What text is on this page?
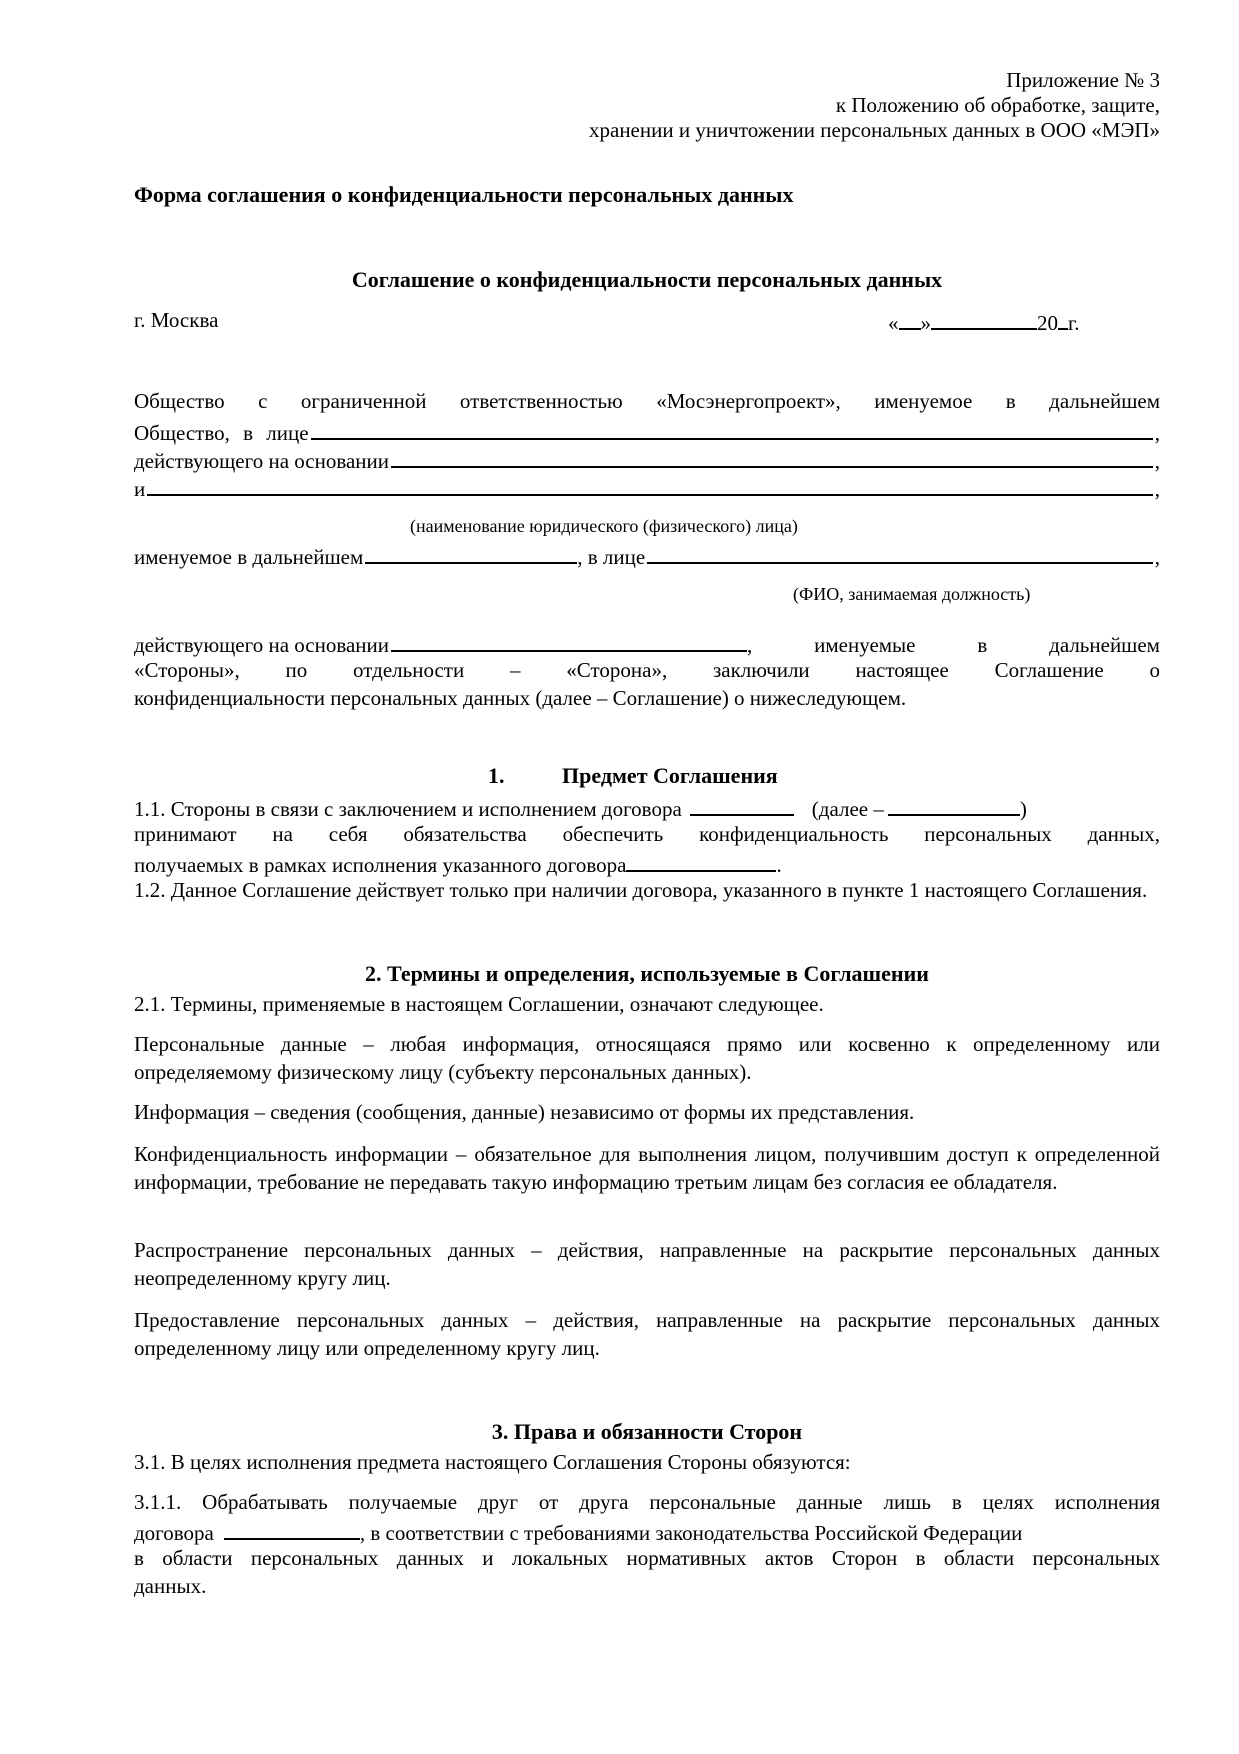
Приложение № 3
к Положению об обработке, защите,
хранении и уничтожении персональных данных в ООО «МЭП»
Форма соглашения о конфиденциальности персональных данных
Соглашение о конфиденциальности персональных данных
г. Москва	« »	20 г.
Общество с ограниченной ответственностью «Мосэнергопроект», именуемое в дальнейшем
Общество, в лице	,
действующего на основании	,
и	,
(наименование юридического (физического) лица)
именуемое в дальнейшем	, в лице	,
(ФИО, занимаемая должность)
действующего на основании	,	именуемые	в	дальнейшем
«Стороны», по отдельности – «Сторона», заключили настоящее Соглашение о
конфиденциальности персональных данных (далее – Соглашение) о нижеследующем.
1.	Предмет Соглашения
1.1. Стороны в связи с заключением и исполнением договора	(далее –	)
принимают на себя обязательства обеспечить конфиденциальность персональных данных,
получаемых в рамках исполнения указанного договора	.
1.2. Данное Соглашение действует только при наличии договора, указанного в пункте 1 настоящего Соглашения.
2. Термины и определения, используемые в Соглашении
2.1. Термины, применяемые в настоящем Соглашении, означают следующее.
Персональные данные – любая информация, относящаяся прямо или косвенно к определенному или определяемому физическому лицу (субъекту персональных данных).
Информация – сведения (сообщения, данные) независимо от формы их представления.
Конфиденциальность информации – обязательное для выполнения лицом, получившим доступ к определенной информации, требование не передавать такую информацию третьим лицам без согласия ее обладателя.
Распространение персональных данных – действия, направленные на раскрытие персональных данных неопределенному кругу лиц.
Предоставление персональных данных – действия, направленные на раскрытие персональных данных определенному лицу или определенному кругу лиц.
3. Права и обязанности Сторон
3.1. В целях исполнения предмета настоящего Соглашения Стороны обязуются:
3.1.1. Обрабатывать получаемые друг от друга персональные данные лишь в целях исполнения
договора	, в соответствии с требованиями законодательства Российской Федерации
в области персональных данных и локальных нормативных актов Сторон в области персональных данных.
